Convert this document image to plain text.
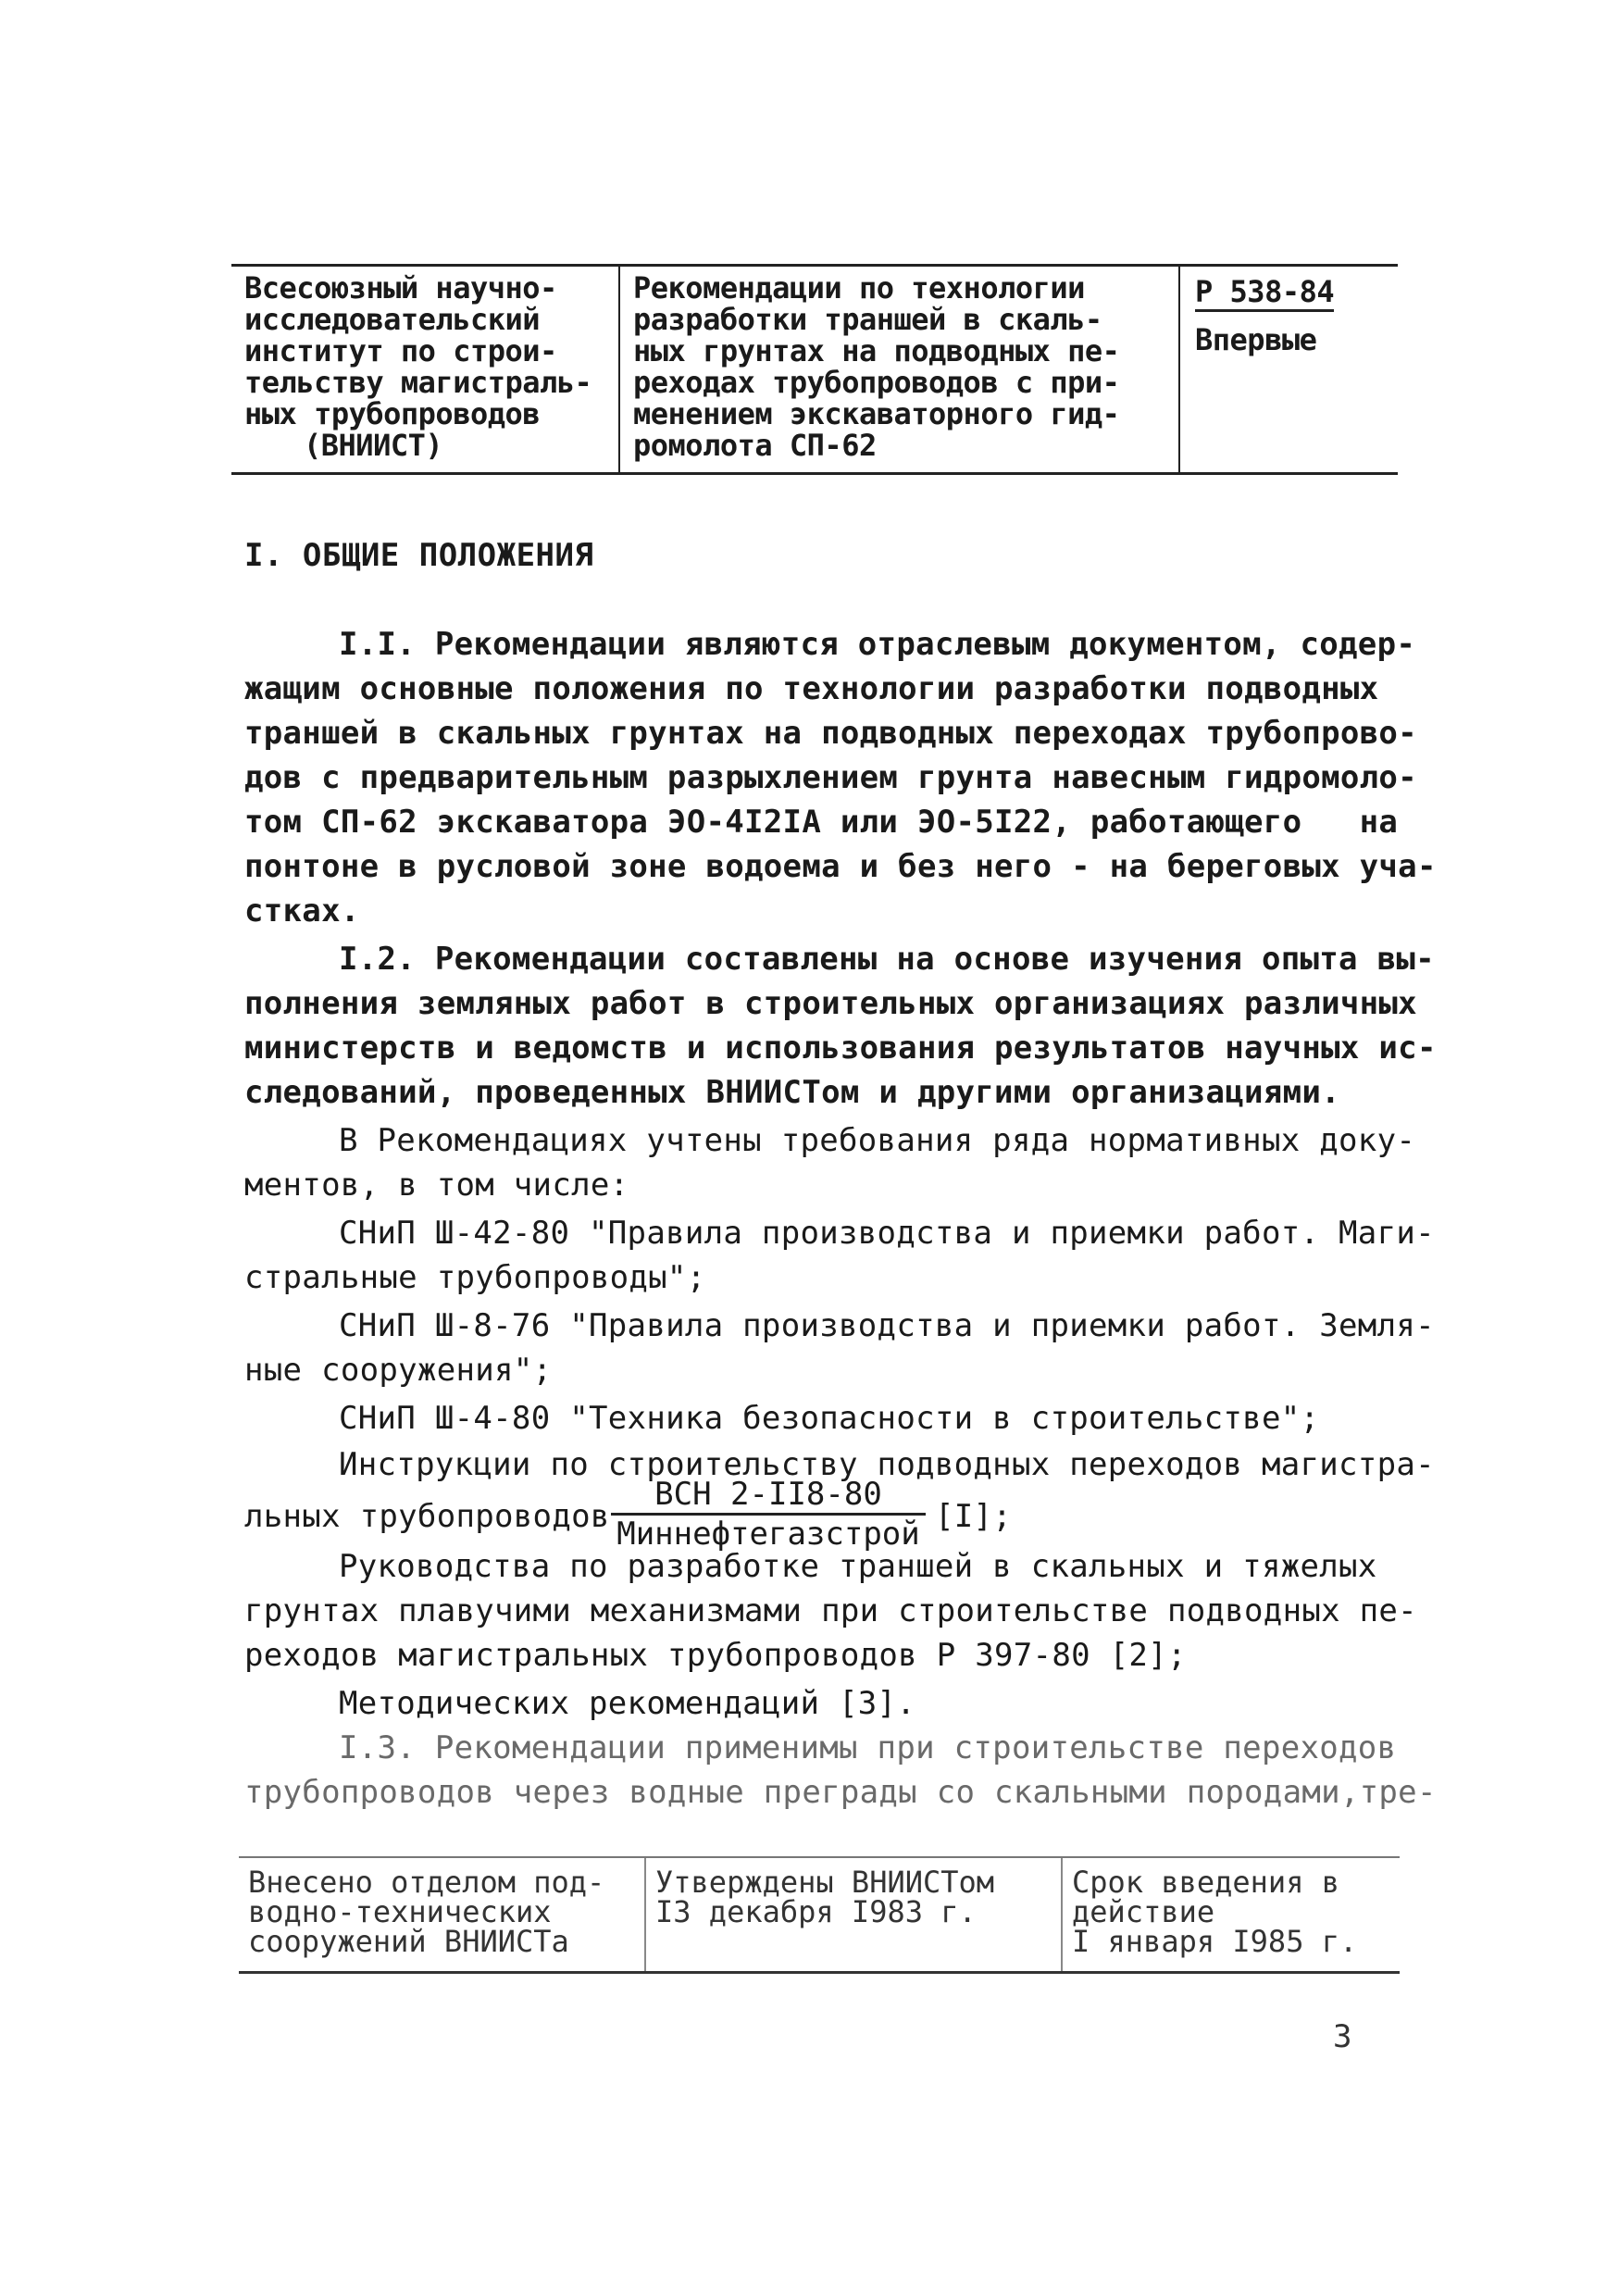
Всесоюзный научно-
исследовательский
институт по строи-
тельству магистраль-
ных трубопроводов
(ВНИИСТ)
Рекомендации по технологии
разработки траншей в скаль-
ных грунтах на подводных пе-
реходах трубопроводов с при-
менением экскаваторного гид-
ромолота СП-62
Р 538-84
Впервые
I. ОБЩИЕ ПОЛОЖЕНИЯ
I.I. Рекомендации являются отраслевым документом, содер-
жащим основные положения по технологии разработки подводных
траншей в скальных грунтах на подводных переходах трубопрово-
дов с предварительным разрыхлением грунта навесным гидромоло-
том СП-62 экскаватора ЭО-4I2IA или ЭО-5I22, работающего   на
понтоне в русловой зоне водоема и без него - на береговых уча-
стках.
I.2. Рекомендации составлены на основе изучения опыта вы-
полнения земляных работ в строительных организациях различных
министерств и ведомств и использования результатов научных ис-
следований, проведенных ВНИИСТом и другими организациями.
В Рекомендациях учтены требования ряда нормативных доку-
ментов, в том числе:
СНиП Ш-42-80 "Правила производства и приемки работ. Маги-
стральные трубопроводы";
СНиП Ш-8-76 "Правила производства и приемки работ. Земля-
ные сооружения";
СНиП Ш-4-80 "Техника безопасности в строительстве";
Инструкции по строительству подводных переходов магистра-
льных трубопроводов
ВСН 2-II8-80
Миннефтегазстрой [I];
Руководства по разработке траншей в скальных и тяжелых
грунтах плавучими механизмами при строительстве подводных пе-
реходов магистральных трубопроводов Р 397-80 [2];
Методических рекомендаций [3].
I.3. Рекомендации применимы при строительстве переходов
трубопроводов через водные преграды со скальными породами,тре-
Внесено отделом под-
водно-технических
сооружений ВНИИСТа
Утверждены ВНИИСТом
I3 декабря I983 г.
Срок введения в
действие
I января I985 г.
3
